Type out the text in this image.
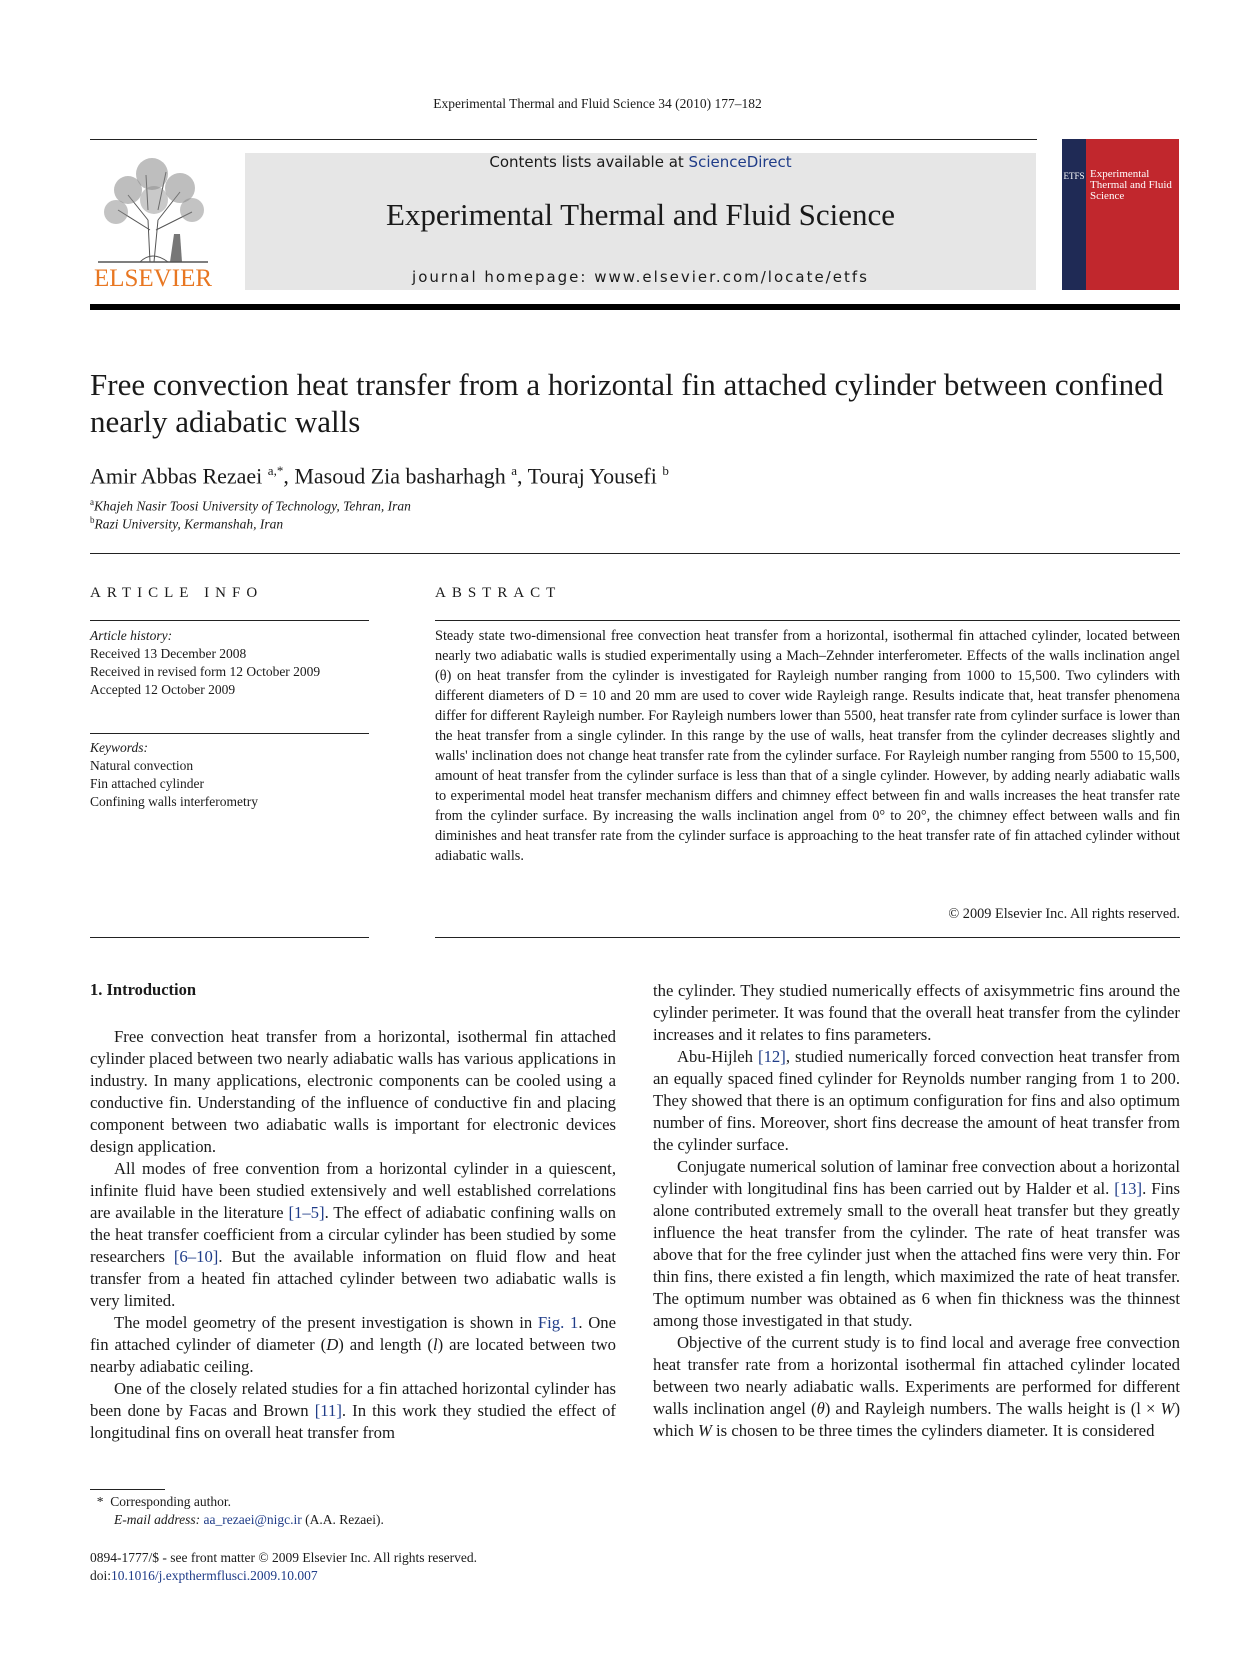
Experimental Thermal and Fluid Science 34 (2010) 177–182
ELSEVIER
Contents lists available at ScienceDirect
Experimental Thermal and Fluid Science
journal homepage: www.elsevier.com/locate/etfs
ETFS Experimental Thermal and Fluid Science
Free convection heat transfer from a horizontal fin attached cylinder between confined nearly adiabatic walls
Amir Abbas Rezaei $^{a,*}$, Masoud Zia basharhagh $^a$, Touraj Yousefi $^b$
$^a$Khajeh Nasir Toosi University of Technology, Tehran, Iran
$^b$Razi University, Kermanshah, Iran
ARTICLE INFO	ABSTRACT
Article history:
Received 13 December 2008
Received in revised form 12 October 2009
Accepted 12 October 2009
Keywords:
Natural convection
Fin attached cylinder
Confining walls interferometry
Steady state two-dimensional free convection heat transfer from a horizontal, isothermal fin attached cylinder, located between nearly two adiabatic walls is studied experimentally using a Mach–Zehnder interferometer. Effects of the walls inclination angel (θ) on heat transfer from the cylinder is investigated for Rayleigh number ranging from 1000 to 15,500. Two cylinders with different diameters of D = 10 and 20 mm are used to cover wide Rayleigh range. Results indicate that, heat transfer phenomena differ for different Rayleigh number. For Rayleigh numbers lower than 5500, heat transfer rate from cylinder surface is lower than the heat transfer from a single cylinder. In this range by the use of walls, heat transfer from the cylinder decreases slightly and walls' inclination does not change heat transfer rate from the cylinder surface. For Rayleigh number ranging from 5500 to 15,500, amount of heat transfer from the cylinder surface is less than that of a single cylinder. However, by adding nearly adiabatic walls to experimental model heat transfer mechanism differs and chimney effect between fin and walls increases the heat transfer rate from the cylinder surface. By increasing the walls inclination angel from 0° to 20°, the chimney effect between walls and fin diminishes and heat transfer rate from the cylinder surface is approaching to the heat transfer rate of fin attached cylinder without adiabatic walls.
© 2009 Elsevier Inc. All rights reserved.
1. Introduction

Free convection heat transfer from a horizontal, isothermal fin attached cylinder placed between two nearly adiabatic walls has various applications in industry. In many applications, electronic components can be cooled using a conductive fin. Understanding of the influence of conductive fin and placing component between two adiabatic walls is important for electronic devices design application.

All modes of free convention from a horizontal cylinder in a quiescent, infinite fluid have been studied extensively and well established correlations are available in the literature [1–5]. The effect of adiabatic confining walls on the heat transfer coefficient from a circular cylinder has been studied by some researchers [6–10]. But the available information on fluid flow and heat transfer from a heated fin attached cylinder between two adiabatic walls is very limited.

The model geometry of the present investigation is shown in Fig. 1. One fin attached cylinder of diameter (D) and length (l) are located between two nearby adiabatic ceiling.

One of the closely related studies for a fin attached horizontal cylinder has been done by Facas and Brown [11]. In this work they studied the effect of longitudinal fins on overall heat transfer from

the cylinder. They studied numerically effects of axisymmetric fins around the cylinder perimeter. It was found that the overall heat transfer from the cylinder increases and it relates to fins parameters.

Abu-Hijleh [12], studied numerically forced convection heat transfer from an equally spaced fined cylinder for Reynolds number ranging from 1 to 200. They showed that there is an optimum configuration for fins and also optimum number of fins. Moreover, short fins decrease the amount of heat transfer from the cylinder surface.

Conjugate numerical solution of laminar free convection about a horizontal cylinder with longitudinal fins has been carried out by Halder et al. [13]. Fins alone contributed extremely small to the overall heat transfer but they greatly influence the heat transfer from the cylinder. The rate of heat transfer was above that for the free cylinder just when the attached fins were very thin. For thin fins, there existed a fin length, which maximized the rate of heat transfer. The optimum number was obtained as 6 when fin thickness was the thinnest among those investigated in that study.

Objective of the current study is to find local and average free convection heat transfer rate from a horizontal isothermal fin attached cylinder located between two nearly adiabatic walls. Experiments are performed for different walls inclination angel (θ) and Rayleigh numbers. The walls height is (l × W) which W is chosen to be three times the cylinders diameter. It is considered

* Corresponding author.
E-mail address: aa_rezaei@nigc.ir (A.A. Rezaei).
0894-1777/$ - see front matter © 2009 Elsevier Inc. All rights reserved.
doi:10.1016/j.expthermflusci.2009.10.007
